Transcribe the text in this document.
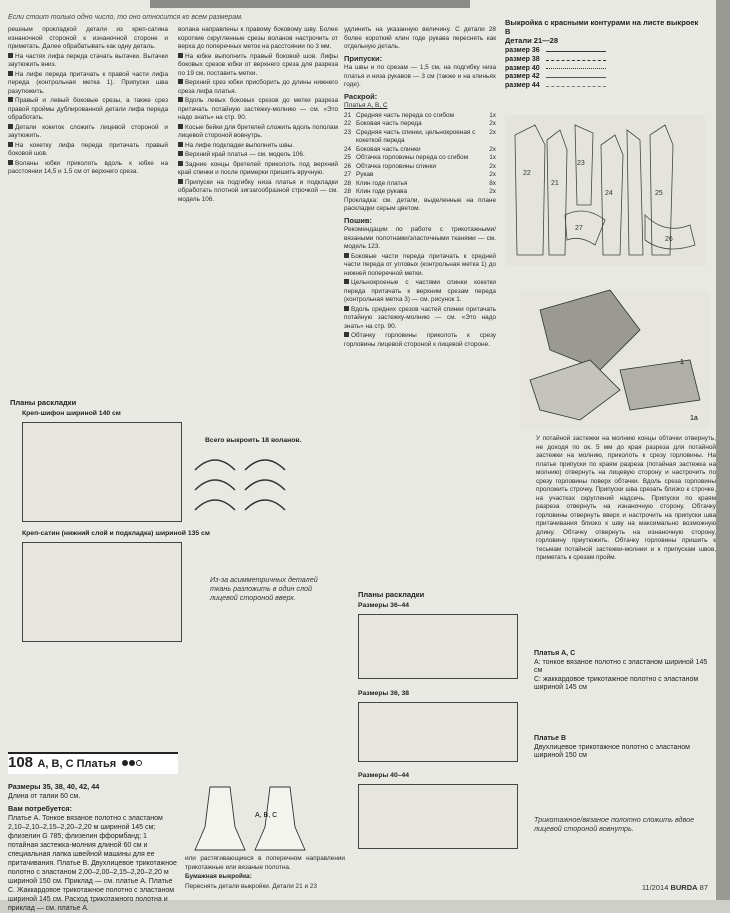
Если стоит только одно число, то оно относится ко всем размерам.

решным прокладкой детали из креп-сатина изнаночной стороной к изнаночной стороне и приметать. Далее обрабатывать как одну деталь.

На частях лифа переда стачать вытачки. Вытачки заутюжить вниз.

На лифе переда притачать к правой части лифа переда (контрольная метка 1). Припуски шва разутюжить.

Правый и левый боковые срезы, а также срез правой проймы дублированной детали лифа переда обработать.

Детали кокеток сложить лицевой стороной и заутюжить.

На кокетку лифа переда притачать правый боковой шов.

Воланы юбки приколоть вдоль к юбке на расстоянии 14,5 и 1,5 см от верхнего среза.

волана направлены к правому боковому шву. Более короткие скругленные срезы воланов настрочить от верха до поперечных меток на расстоянии по 3 мм.

На юбке выполнить правый боковой шов. Лифы боковых срезов юбки от верхнего среза для разреза по 19 см, поставить метки.

Верхний срез юбки присборить до длины нижнего среза лифа платья.

Вдоль левых боковых срезов до метки разреза притачать потайную застежку-молнию — см. «Это надо знать» на стр. 90.

Косые бейки для бретелей сложить вдоль пополам лицевой стороной вовнутрь.

На лифе подкладки выполнить швы.

Верхний край платья — см. модель 106.

Задние концы бретелей приколоть под верхний край спинки и после примерки пришить вручную.

Припуски на подгибку низа платья и подкладки обработать плотной зигзагообразной строчкой — см. модель 106.

удлинить на указанную величину. С детали 28 более короткий клин годе рукава переснять как отдельную деталь.

Припуски:

На швы и по срезам — 1,5 см, на подгибку низа платья и низа рукавов — 3 см (также и на клиньях годе).

Раскрой:

Платья А, В, С

21 Средняя часть переда со сгибом	1x
22 Боковая часть переда	2x
23 Средняя часть спинки, цельнокроеная с кокеткой переда
2x
24 Боковая часть спинки	2x
25 Обтачка горловины переда со сгибом	1x
26 Обтачка горловины спинки	2x
27 Рукав	2x
28 Клин годе платья	8x
28 Клин годе рукава	2x

Прокладка: см. детали, выделенные на плане раскладки серым цветом.

Пошив:

Рекомендации по работе с трикотажными/вязаными полотнами/эластичными тканями — см. модель 123.

Боковые части переда притачать к средней части переда от угловых (контрольная метка 1) до нижней поперечной метки.

Цельнокроеные с частями спинки кокетки переда притачать к верхним срезам переда (контрольная метка 3) — см. рисунок 1.

Вдоль средних срезов частей спинки притачать потайную застежку-молнию — см. «Это надо знать» на стр. 90.

Обтачку горловины приколоть к срезу горловины лицевой стороной к лицевой стороне.

Выкройка с красными контурами на листе выкроек В
Детали 21—28
размер 36
размер 38
размер 40
размер 42
размер 44
22
21
23
24	25
27
26
1
1а

У потайной застежки на молнию концы обтачки отвернуть, не доходя по ок. 5 мм до края разреза для потайной застежки на молнию, приколоть к срезу горловины. На платье припуски по краям разреза (потайная застежка на молнию) отвернуть на лицевую сторону и настрочить по срезу горловины поверх обтачки. Вдоль среза горловины проложить строчку. Припуски шва срезать близко к строчке, на участках скруглений надсечь. Припуски по краям разреза отвернуть на изнаночную сторону. Обтачку горловины отвернуть вверх и настрочить на припуски шва притачивания близко к шву на максимально возможную длину. Обтачку отвернуть на изнаночную сторону, горловину приутюжить. Обтачку горловины пришить к тесьмам потайной застежки-молнии и к припускам швов, приметать к срезам пройм.

Планы раскладки
Креп-шифон шириной 140 см
Всего выкроить 18 воланов.
Креп-сатин (нижний слой и подкладка) шириной 135 см
Из-за асимметричных деталей ткань разложить в один слой лицевой стороной вверх.
108 А, В, С Платья
Размеры 35, 38, 40, 42, 44
Длина от талии 60 см.
Вам потребуется:
Платье А. Тонкое вязаное полотно с эластаном 2,10–2,10–2,15–2,20–2,20 м шириной 145 см; флизелин G 785; флизелин фформбанд; 1 потайная застежка-молния длиной 60 см и специальная лапка швейной машины для ее притачивания. Платье В. Двухлицевое трикотажное полотно с эластаном 2,00–2,00–2,15–2,20–2,20 м шириной 150 см. Приклад — см. платье А. Платье С. Жаккардовое трикотажное полотно с эластаном шириной 145 см. Расход трикотажного полотна и приклад — см. платье А.
А, В, С

или растягивающиеся в поперечном направлении трикотажные или вязаные полотна.

Бумажная выкройка:

Переснять детали выкройки. Детали 21 и 23

Планы раскладки
Размеры 36–44
Размеры 36, 38
Размеры 40–44
Платья А, С
А: тонкое вязаное полотно с эластаном шириной 145 см
С: жаккардовое трикотажное полотно с эластаном шириной 145 см
Платье В
Двухлицевое трикотажное полотно с эластаном шириной 150 см
Трикотажное/вязаное полотно сложить вдвое лицевой стороной вовнутрь.
11/2014 BURDA 87
